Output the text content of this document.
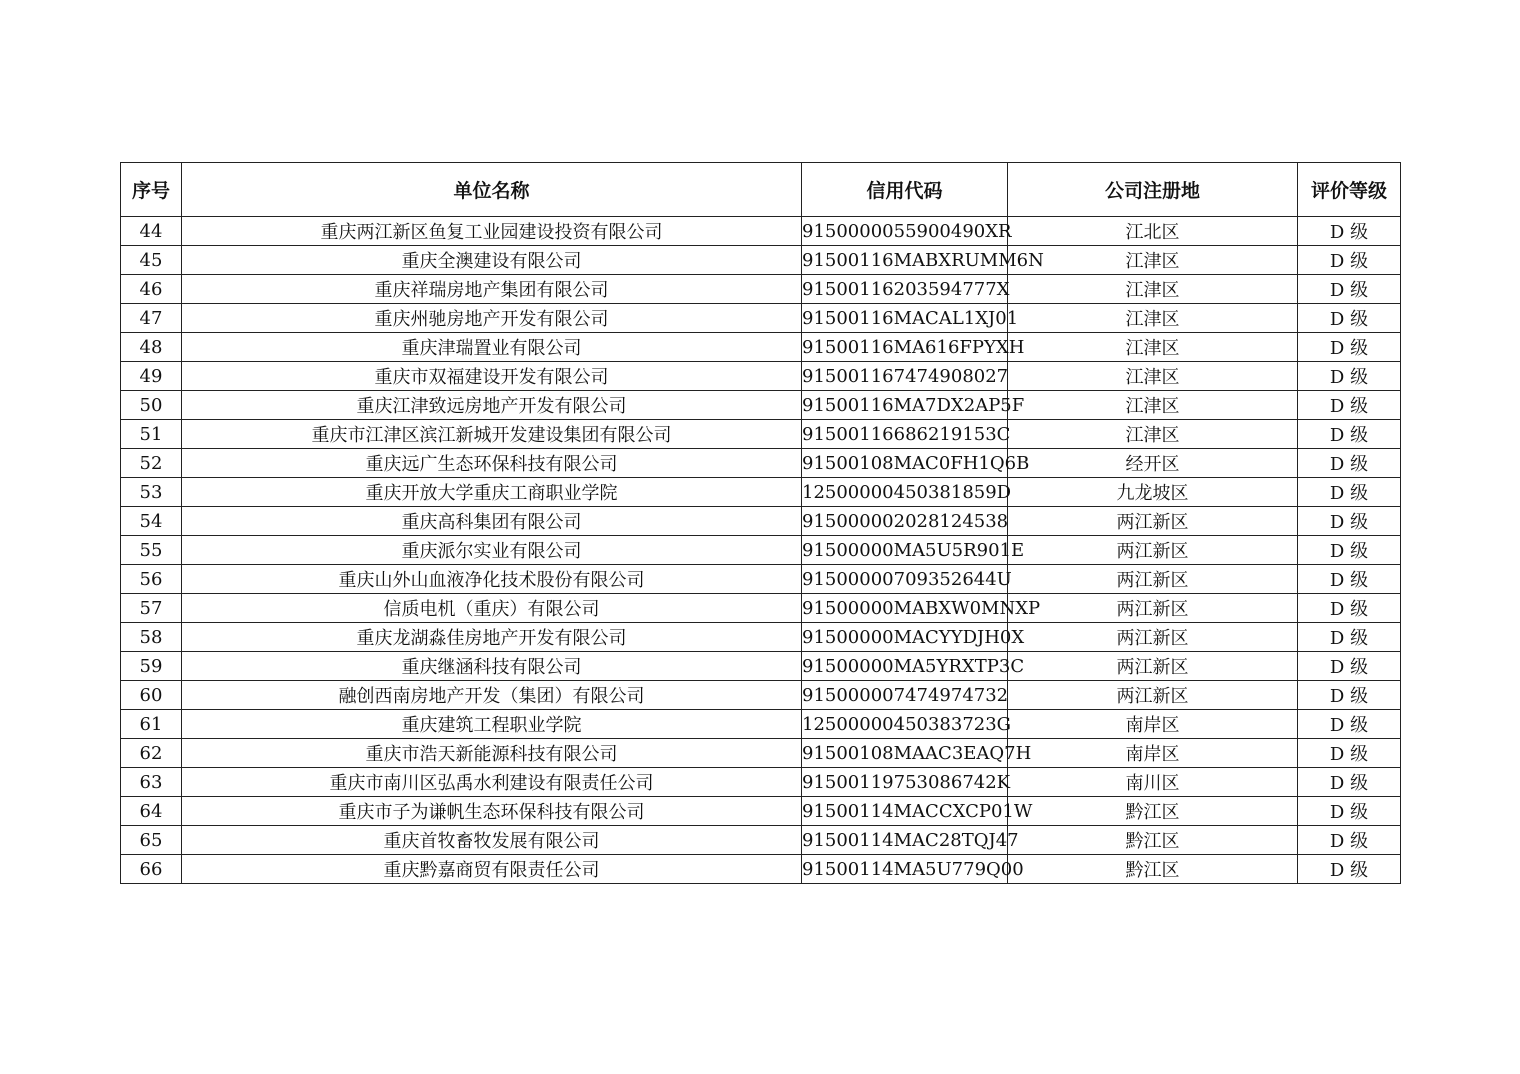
序号	单位名称	信用代码	公司注册地	评价等级
44	重庆两江新区鱼复工业园建设投资有限公司	9150000055900490XR	江北区	D 级
45	重庆全澳建设有限公司	91500116MABXRUMM6N	江津区	D 级
46	重庆祥瑞房地产集团有限公司	91500116203594777X	江津区	D 级
47	重庆州驰房地产开发有限公司	91500116MACAL1XJ01	江津区	D 级
48	重庆津瑞置业有限公司	91500116MA616FPYXH	江津区	D 级
49	重庆市双福建设开发有限公司	915001167474908027	江津区	D 级
50	重庆江津致远房地产开发有限公司	91500116MA7DX2AP5F	江津区	D 级
51	重庆市江津区滨江新城开发建设集团有限公司	91500116686219153C	江津区	D 级
52	重庆远广生态环保科技有限公司	91500108MAC0FH1Q6B	经开区	D 级
53	重庆开放大学重庆工商职业学院	12500000450381859D	九龙坡区	D 级
54	重庆高科集团有限公司	915000002028124538	两江新区	D 级
55	重庆派尔实业有限公司	91500000MA5U5R901E	两江新区	D 级
56	重庆山外山血液净化技术股份有限公司	91500000709352644U	两江新区	D 级
57	信质电机（重庆）有限公司	91500000MABXW0MNXP	两江新区	D 级
58	重庆龙湖淼佳房地产开发有限公司	91500000MACYYDJH0X	两江新区	D 级
59	重庆继涵科技有限公司	91500000MA5YRXTP3C	两江新区	D 级
60	融创西南房地产开发（集团）有限公司	915000007474974732	两江新区	D 级
61	重庆建筑工程职业学院	12500000450383723G	南岸区	D 级
62	重庆市浩天新能源科技有限公司	91500108MAAC3EAQ7H	南岸区	D 级
63	重庆市南川区弘禹水利建设有限责任公司	91500119753086742K	南川区	D 级
64	重庆市子为谦帆生态环保科技有限公司	91500114MACCXCP01W	黔江区	D 级
65	重庆首牧畜牧发展有限公司	91500114MAC28TQJ47	黔江区	D 级
66	重庆黔嘉商贸有限责任公司	91500114MA5U779Q00	黔江区	D 级
